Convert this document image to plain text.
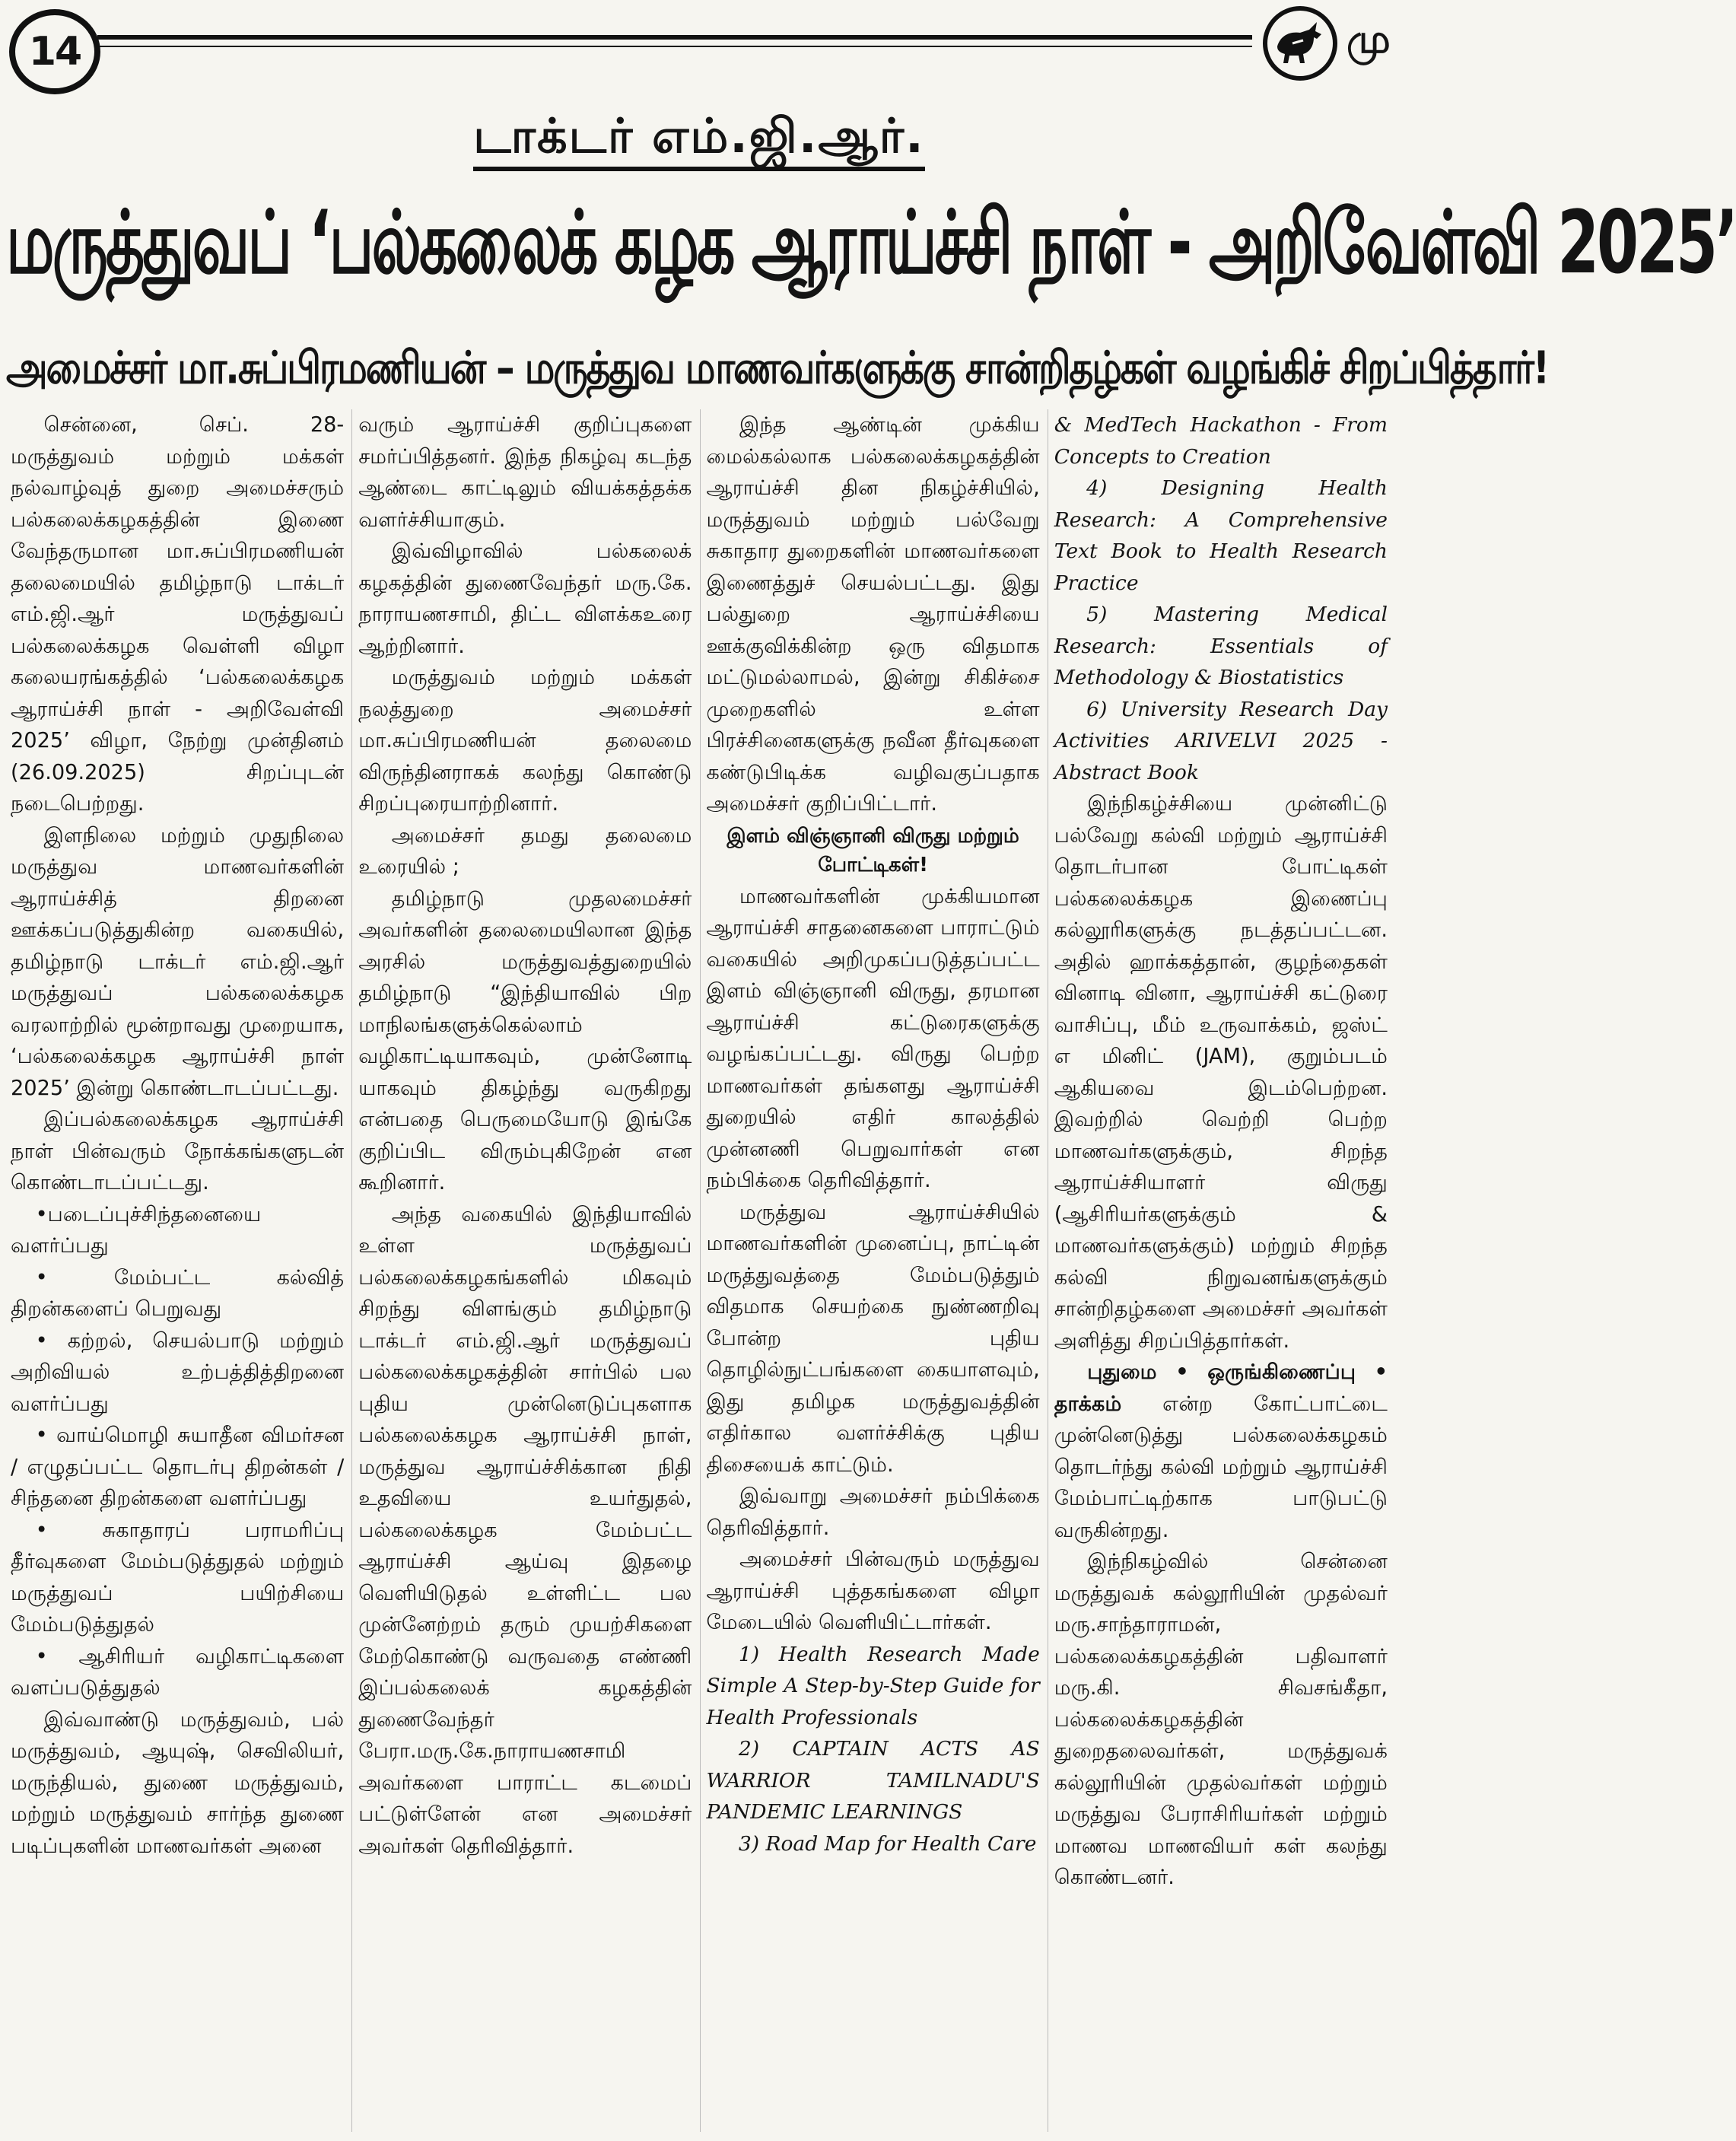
14	மு
டாக்டர் எம்.ஜி.ஆர்.
மருத்துவப் ‘பல்கலைக் கழக ஆராய்ச்சி நாள் - அறிவேள்வி 2025’
அமைச்சர் மா.சுப்பிரமணியன் – மருத்துவ மாணவர்களுக்கு சான்றிதழ்கள் வழங்கிச் சிறப்பித்தார்!

சென்னை, செப். 28- மருத்துவம் மற்றும் மக்கள் நல்வாழ்வுத் துறை அமைச்சரும் பல்கலைக்கழகத்தின் இணை வேந்தருமான மா.சுப்பிரமணியன் தலைமையில் தமிழ்நாடு டாக்டர் எம்.ஜி.ஆர் மருத்துவப் பல்கலைக்கழக வெள்ளி விழா கலையரங்கத்தில் ‘பல்கலைக்கழக ஆராய்ச்சி நாள் - அறிவேள்வி 2025’ விழா, நேற்று முன்தினம் (26.09.2025) சிறப்புடன் நடைபெற்றது.

இளநிலை மற்றும் முதுநிலை மருத்துவ மாணவர்களின் ஆராய்ச்சித் திறனை ஊக்கப்படுத்துகின்ற வகையில், தமிழ்நாடு டாக்டர் எம்.ஜி.ஆர் மருத்துவப் பல்கலைக்கழக வரலாற்றில் மூன்றாவது முறையாக, ‘பல்கலைக்கழக ஆராய்ச்சி நாள் 2025’ இன்று கொண்டாடப்பட்டது.

இப்பல்கலைக்கழக ஆராய்ச்சி நாள் பின்வரும் நோக்கங்களுடன் கொண்டாடப்பட்டது.

•படைப்புச்சிந்தனையை வளர்ப்பது

• மேம்பட்ட கல்வித் திறன்களைப் பெறுவது

• கற்றல், செயல்பாடு மற்றும் அறிவியல் உற்பத்தித்திறனை வளர்ப்பது

• வாய்மொழி சுயாதீன விமர்சன / எழுதப்பட்ட தொடர்பு திறன்கள் / சிந்தனை திறன்களை வளர்ப்பது

• சுகாதாரப் பராமரிப்பு தீர்வுகளை மேம்படுத்துதல் மற்றும் மருத்துவப் பயிற்சியை மேம்படுத்துதல்

• ஆசிரியர் வழிகாட்டிகளை வளப்படுத்துதல்

இவ்வாண்டு மருத்துவம், பல் மருத்துவம், ஆயுஷ், செவிலியர், மருந்தியல், துணை மருத்துவம், மற்றும் மருத்துவம் சார்ந்த துணை படிப்புகளின் மாணவர்கள் அனை

வரும் ஆராய்ச்சி குறிப்புகளை சமர்ப்பித்தனர். இந்த நிகழ்வு கடந்த ஆண்டை காட்டிலும் வியக்கத்தக்க வளர்ச்சியாகும்.

இவ்விழாவில் பல்கலைக் கழகத்தின் துணைவேந்தர் மரு.கே. நாராயணசாமி, திட்ட விளக்கஉரை ஆற்றினார்.

மருத்துவம் மற்றும் மக்கள் நலத்துறை அமைச்சர் மா.சுப்பிரமணியன் தலைமை விருந்தினராகக் கலந்து கொண்டு சிறப்புரையாற்றினார்.

அமைச்சர் தமது தலைமை உரையில் ;

தமிழ்நாடு முதலமைச்சர் அவர்களின் தலைமையிலான இந்த அரசில் மருத்துவத்துறையில் தமிழ்நாடு “இந்தியாவில் பிற மாநிலங்களுக்கெல்லாம் வழிகாட்டியாகவும், முன்னோடி யாகவும் திகழ்ந்து வருகிறது என்பதை பெருமையோடு இங்கே குறிப்பிட விரும்புகிறேன் என கூறினார்.

அந்த வகையில் இந்தியாவில் உள்ள மருத்துவப் பல்கலைக்கழகங்களில் மிகவும் சிறந்து விளங்கும் தமிழ்நாடு டாக்டர் எம்.ஜி.ஆர் மருத்துவப் பல்கலைக்கழகத்தின் சார்பில் பல புதிய முன்னெடுப்புகளாக பல்கலைக்கழக ஆராய்ச்சி நாள், மருத்துவ ஆராய்ச்சிக்கான நிதி உதவியை உயர்துதல், பல்கலைக்கழக மேம்பட்ட ஆராய்ச்சி ஆய்வு இதழை வெளியிடுதல் உள்ளிட்ட பல முன்னேற்றம் தரும் முயற்சிகளை மேற்கொண்டு வருவதை எண்ணி இப்பல்கலைக் கழகத்தின் துணைவேந்தர் பேரா.மரு.கே.நாராயணசாமி அவர்களை பாராட்ட கடமைப் பட்டுள்ளேன் என அமைச்சர் அவர்கள் தெரிவித்தார்.

இந்த ஆண்டின் முக்கிய மைல்கல்லாக பல்கலைக்கழகத்தின் ஆராய்ச்சி தின நிகழ்ச்சியில், மருத்துவம் மற்றும் பல்வேறு சுகாதார துறைகளின் மாணவர்களை இணைத்துச் செயல்பட்டது. இது பல்துறை ஆராய்ச்சியை ஊக்குவிக்கின்ற ஒரு விதமாக மட்டுமல்லாமல், இன்று சிகிச்சை முறைகளில் உள்ள பிரச்சினைகளுக்கு நவீன தீர்வுகளை கண்டுபிடிக்க வழிவகுப்பதாக அமைச்சர் குறிப்பிட்டார்.

இளம் விஞ்ஞானி விருது மற்றும் போட்டிகள்!

மாணவர்களின் முக்கியமான ஆராய்ச்சி சாதனைகளை பாராட்டும் வகையில் அறிமுகப்படுத்தப்பட்ட இளம் விஞ்ஞானி விருது, தரமான ஆராய்ச்சி கட்டுரைகளுக்கு வழங்கப்பட்டது. விருது பெற்ற மாணவர்கள் தங்களது ஆராய்ச்சி துறையில் எதிர் காலத்தில் முன்னணி பெறுவார்கள் என நம்பிக்கை தெரிவித்தார்.

மருத்துவ ஆராய்ச்சியில் மாணவர்களின் முனைப்பு, நாட்டின் மருத்துவத்தை மேம்படுத்தும் விதமாக செயற்கை நுண்ணறிவு போன்ற புதிய தொழில்நுட்பங்களை கையாளவும், இது தமிழக மருத்துவத்தின் எதிர்கால வளர்ச்சிக்கு புதிய திசையைக் காட்டும்.

இவ்வாறு அமைச்சர் நம்பிக்கை தெரிவித்தார்.

அமைச்சர் பின்வரும் மருத்துவ ஆராய்ச்சி புத்தகங்களை விழா மேடையில் வெளியிட்டார்கள்.

1) Health Research Made Simple A Step-by-Step Guide for Health Professionals

2) CAPTAIN ACTS AS WARRIOR TAMILNADU'S PANDEMIC LEARNINGS

3) Road Map for Health Care

& MedTech Hackathon - From Concepts to Creation

4) Designing Health Research: A Comprehensive Text Book to Health Research Practice

5) Mastering Medical Research: Essentials of Methodology & Biostatistics

6) University Research Day Activities ARIVELVI 2025 - Abstract Book

இந்நிகழ்ச்சியை முன்னிட்டு பல்வேறு கல்வி மற்றும் ஆராய்ச்சி தொடர்பான போட்டிகள் பல்கலைக்கழக இணைப்பு கல்லூரிகளுக்கு நடத்தப்பட்டன. அதில் ஹாக்கத்தான், குழந்தைகள் வினாடி வினா, ஆராய்ச்சி கட்டுரை வாசிப்பு, மீம் உருவாக்கம், ஜஸ்ட் எ மினிட் (JAM), குறும்படம் ஆகியவை இடம்பெற்றன. இவற்றில் வெற்றி பெற்ற மாணவர்களுக்கும், சிறந்த ஆராய்ச்சியாளர் விருது (ஆசிரியர்களுக்கும் & மாணவர்களுக்கும்) மற்றும் சிறந்த கல்வி நிறுவனங்களுக்கும் சான்றிதழ்களை அமைச்சர் அவர்கள் அளித்து சிறப்பித்தார்கள்.

புதுமை • ஒருங்கிணைப்பு • தாக்கம் என்ற கோட்பாட்டை முன்னெடுத்து பல்கலைக்கழகம் தொடர்ந்து கல்வி மற்றும் ஆராய்ச்சி மேம்பாட்டிற்காக பாடுபட்டு வருகின்றது.

இந்நிகழ்வில் சென்னை மருத்துவக் கல்லூரியின் முதல்வர் மரு.சாந்தாராமன், பல்கலைக்கழகத்தின் பதிவாளர் மரு.கி. சிவசங்கீதா, பல்கலைக்கழகத்தின் துறைதலைவர்கள், மருத்துவக் கல்லூரியின் முதல்வர்கள் மற்றும் மருத்துவ பேராசிரியர்கள் மற்றும் மாணவ மாணவியர் கள் கலந்து கொண்டனர்.
